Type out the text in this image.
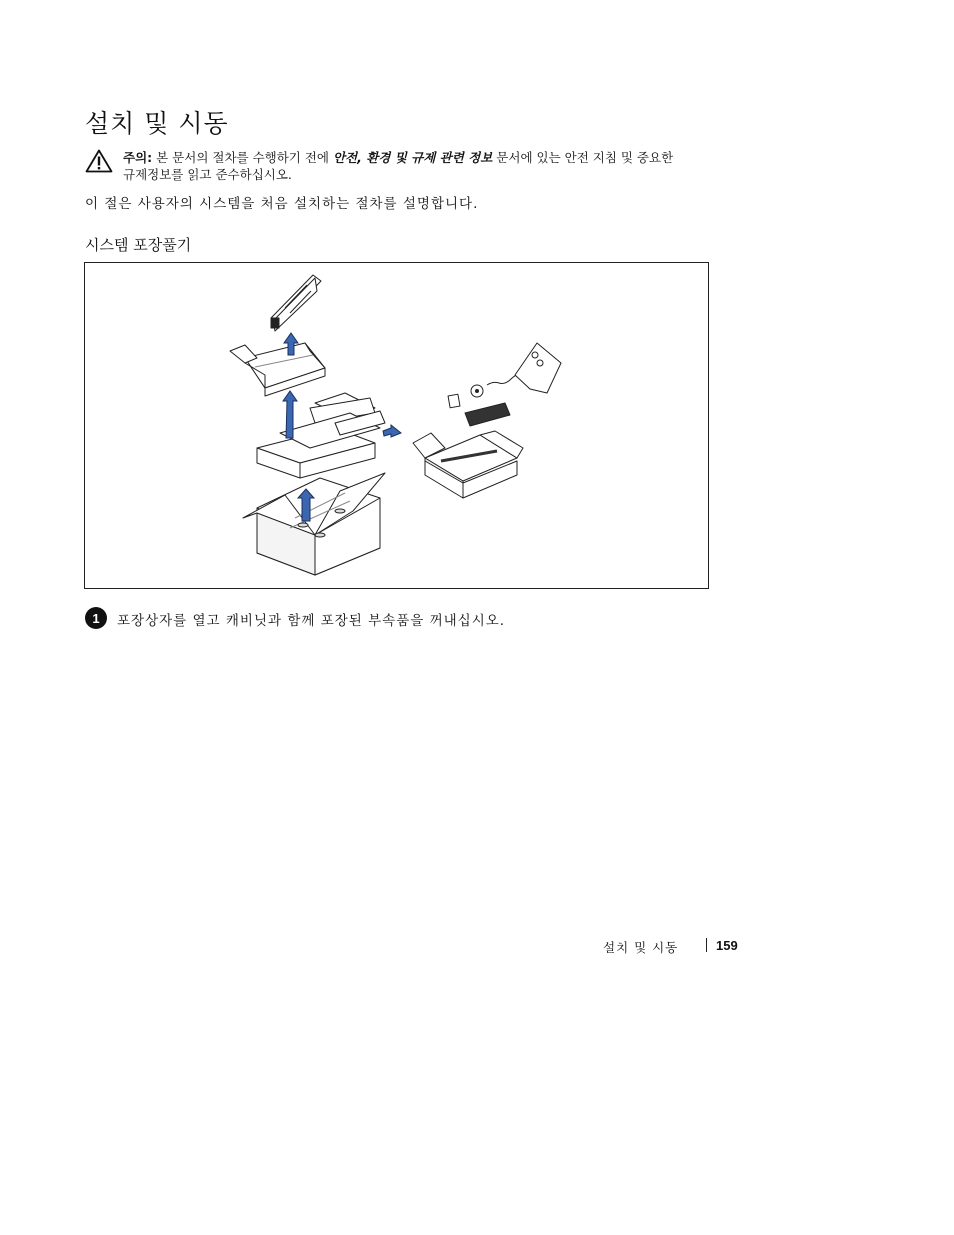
설치 및 시동
주의: 본 문서의 절차를 수행하기 전에 안전, 환경 및 규제 관련 정보 문서에 있는 안전 지침 및 중요한
규제정보를 읽고 준수하십시오.

이 절은 사용자의 시스템을 처음 설치하는 절차를 설명합니다.

시스템 포장풀기
1	포장상자를 열고 캐비닛과 함께 포장된 부속품을 꺼내십시오.
설치 및 시동	159
